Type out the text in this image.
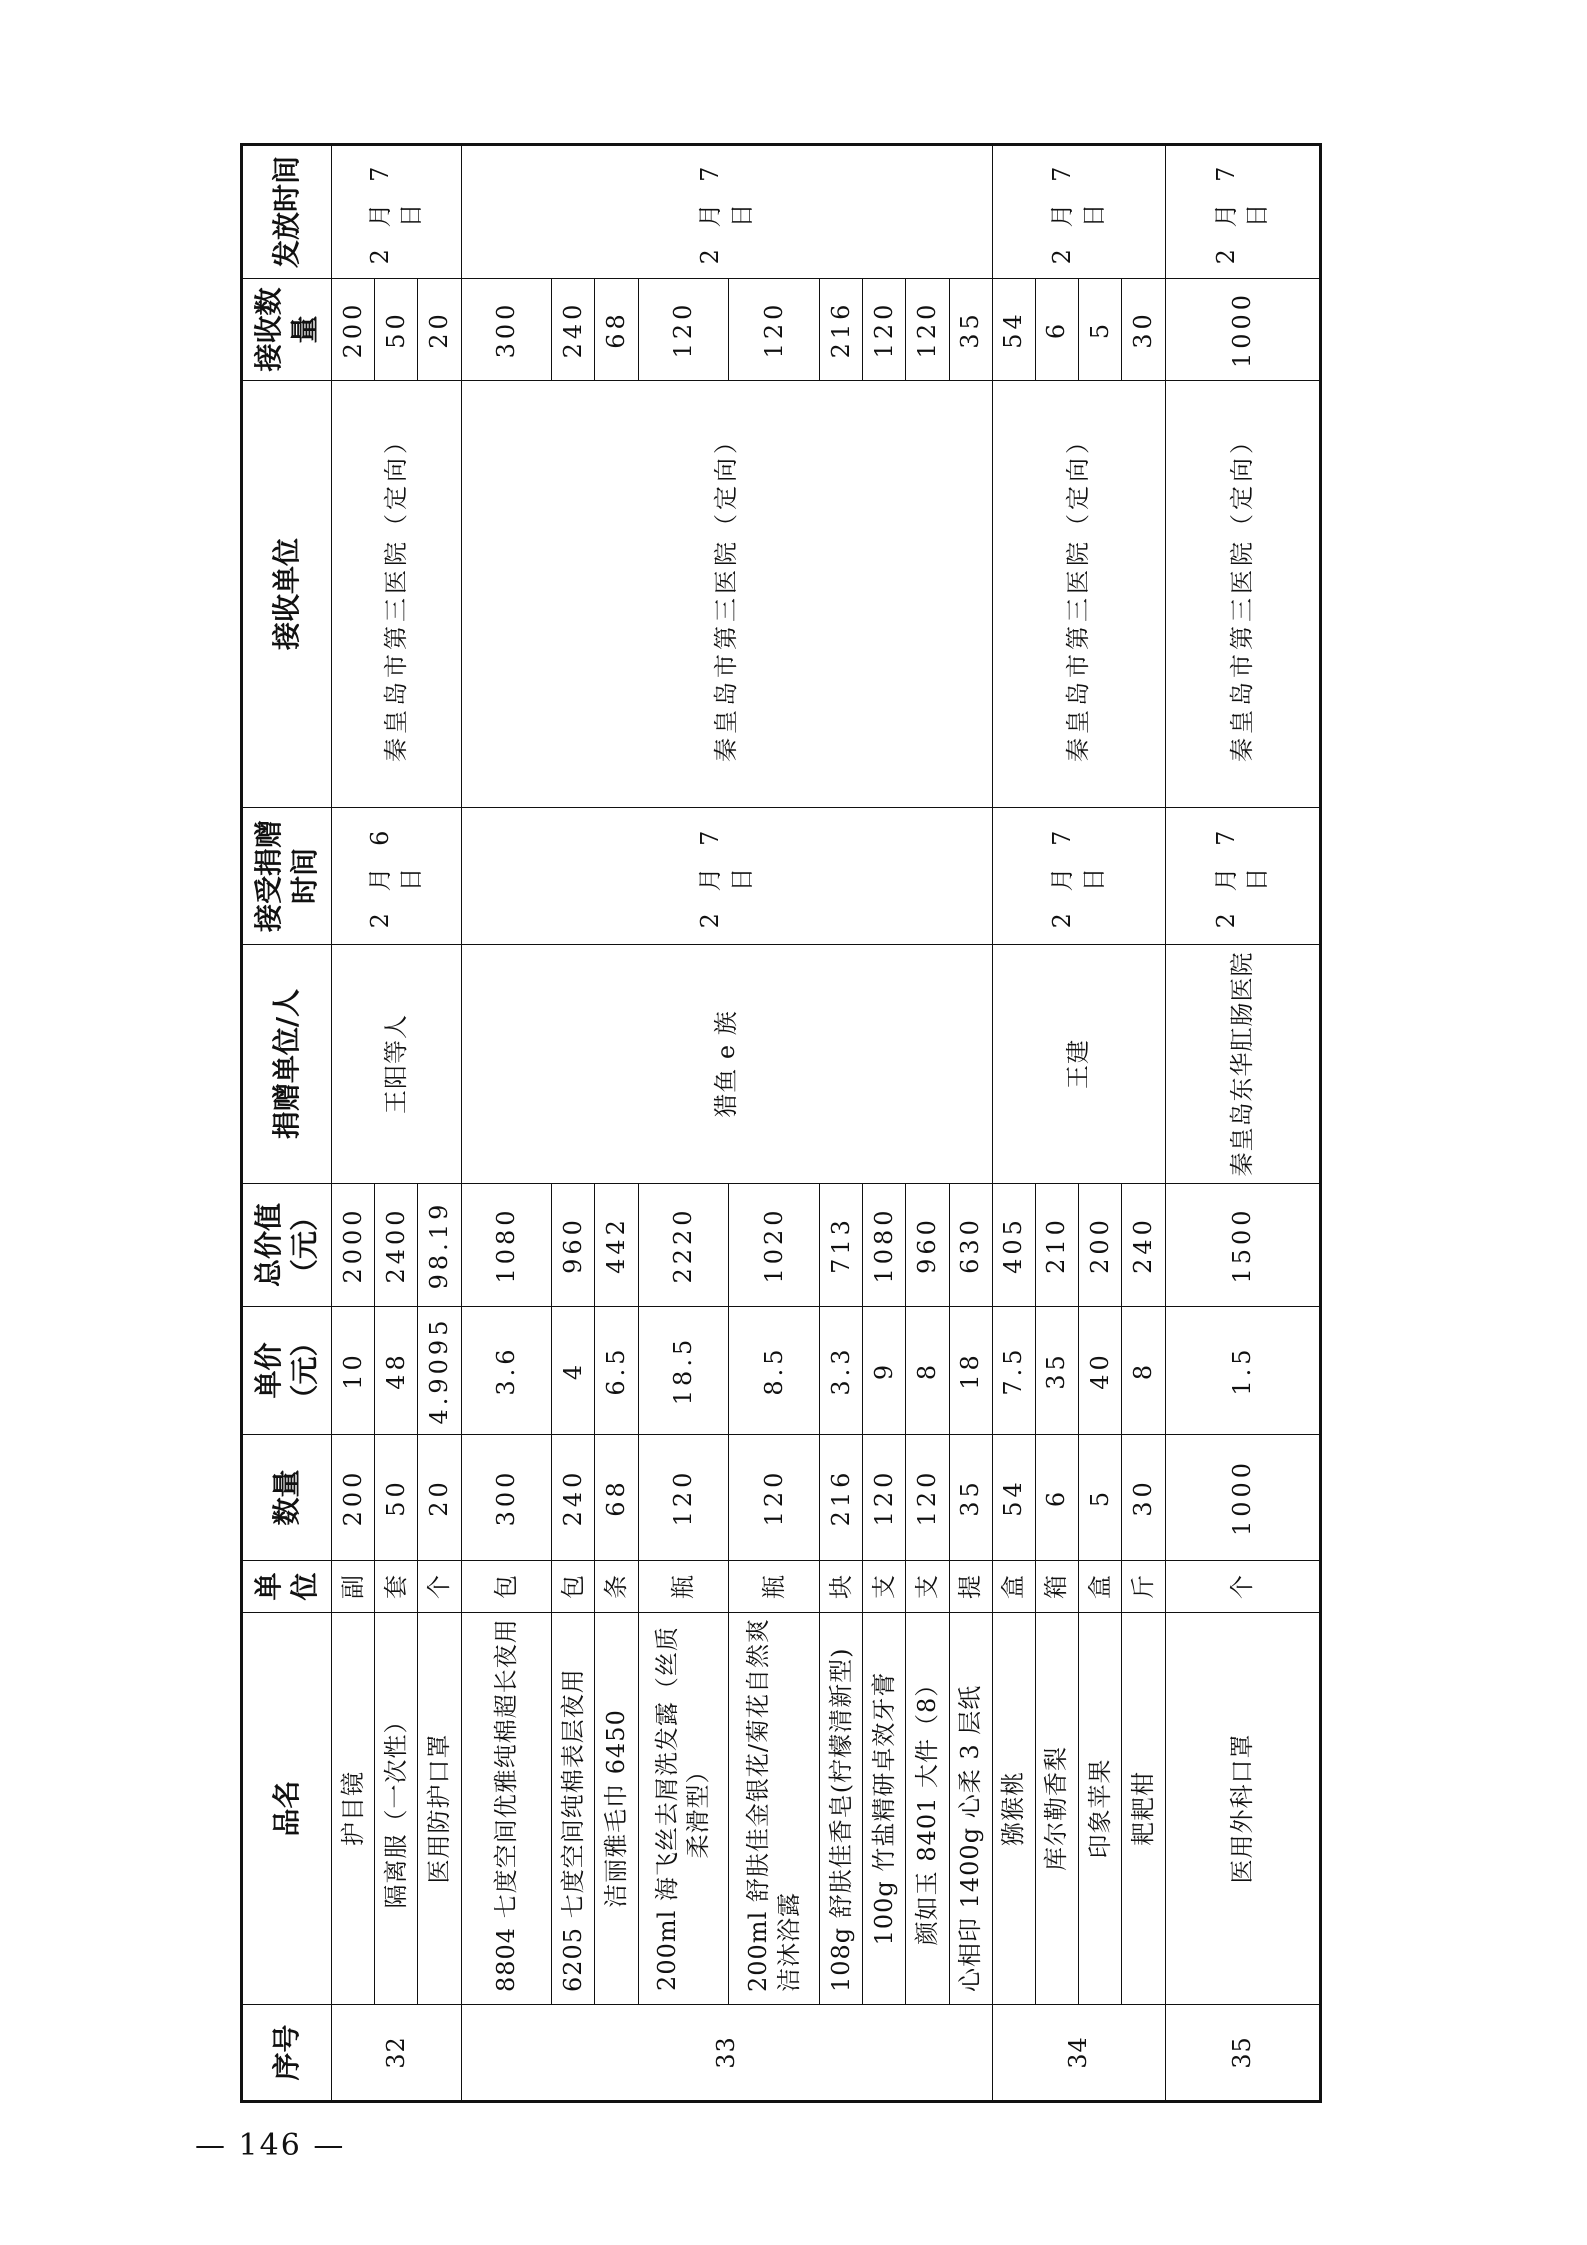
序号	品名	单位	数量	单价（元）	总价值（元）	捐赠单位/人	接受捐赠时间	接收单位	接收数量	发放时间
32	护目镜	副	200	10	2000	王阳等人	2 月 6 日	秦皇岛市第三医院（定向）	200	2 月 7 日
	隔离服（一次性）	套	50	48	2400				50	
	医用防护口罩	个	20	4.9095	98.19				20	
33	8804 七度空间优雅纯棉超长夜用	包	300	3.6	1080	猎鱼 e 族	2 月 7 日	秦皇岛市第三医院（定向）	300	2 月 7 日
	6205 七度空间纯棉表层夜用	包	240	4	960				240	
	洁丽雅毛巾 6450	条	68	6.5	442				68	
	200ml 海飞丝去屑洗发露（丝质柔滑型）	瓶	120	18.5	2220				120	
	200ml 舒肤佳金银花/菊花自然爽洁沐浴露	瓶	120	8.5	1020				120	
	108g 舒肤佳香皂(柠檬清新型)	块	216	3.3	713				216	
	100g 竹盐精研卓效牙膏	支	120	9	1080				120	
	颜如玉 8401 大件（8）	支	120	8	960				120	
	心相印 1400g 心柔 3 层纸	提	35	18	630				35	
34	猕猴桃	盒	54	7.5	405	王建	2 月 7 日	秦皇岛市第三医院（定向）	54	2 月 7 日
	库尔勒香梨	箱	6	35	210				6	
	印象苹果	盒	5	40	200				5	
	耙耙柑	斤	30	8	240				30	
35	医用外科口罩	个	1000	1.5	1500	秦皇岛东华肛肠医院	2 月 7 日	秦皇岛市第三医院（定向）	1000	2 月 7 日
— 146 —
